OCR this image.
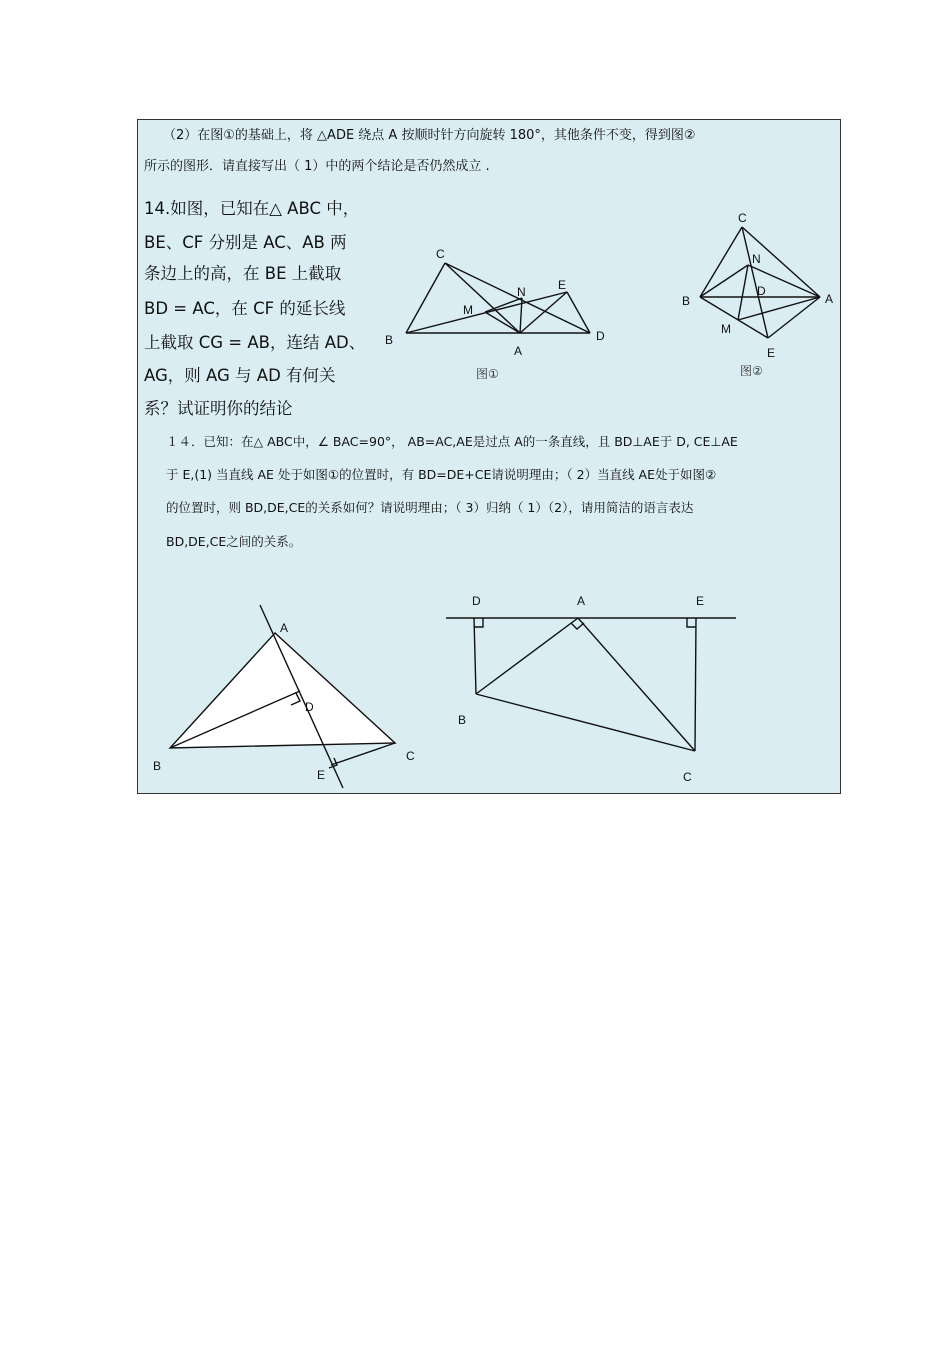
（2）在图①的基础上，将 △ADE 绕点 A 按顺时针方向旋转 180°，其他条件不变，得到图②
所示的图形．请直接写出（ 1）中的两个结论是否仍然成立 .
14.如图，已知在△ ABC 中，
BE、CF 分别是 AC、AB 两
条边上的高，在 BE 上截取
BD = AC，在 CF 的延长线
上截取 CG = AB，连结 AD、
AG，则 AG 与 AD 有何关
系？试证明你的结论
C
N	E
M
B
A
D
图①
C
N
D
B	A
M
E
图②
１４．已知：在△ ABC中，∠ BAC=90°， AB=AC,AE是过点 A的一条直线，且 BD⊥AE于 D, CE⊥AE
于 E,(1) 当直线 AE 处于如图①的位置时，有 BD=DE+CE请说明理由；（ 2）当直线 AE处于如图②
的位置时，则 BD,DE,CE的关系如何？请说明理由；（ 3）归纳（ 1）（2），请用简洁的语言表达
BD,DE,CE之间的关系。
A
D
B
C
E
D	A	E
B
C
